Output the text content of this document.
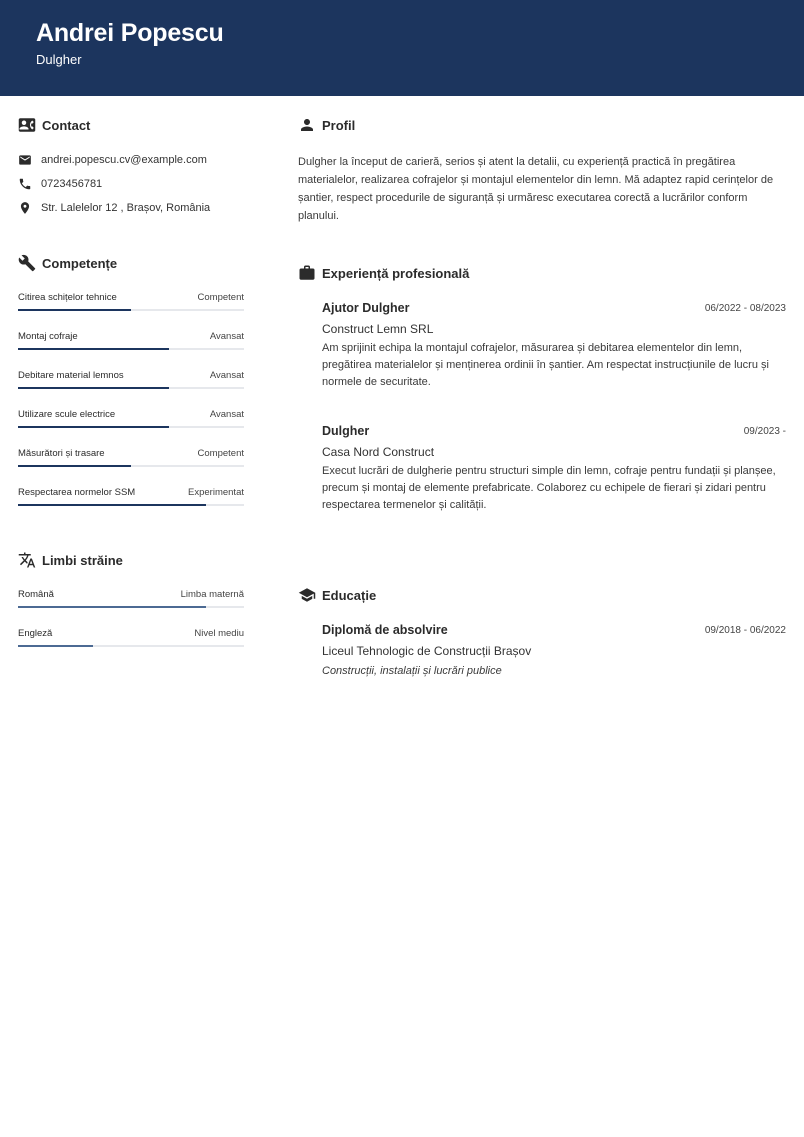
Andrei Popescu
Dulgher
Contact
andrei.popescu.cv@example.com
0723456781
Str. Lalelelor 12 , Brașov, România
Competențe
Citirea schițelor tehnice	Competent
Montaj cofraje	Avansat
Debitare material lemnos	Avansat
Utilizare scule electrice	Avansat
Măsurători și trasare	Competent
Respectarea normelor SSM	Experimentat
Limbi străine
Română	Limba maternă
Engleză	Nivel mediu
Profil
Dulgher la început de carieră, serios și atent la detalii, cu experiență practică în pregătirea materialelor, realizarea cofrajelor și montajul elementelor din lemn. Mă adaptez rapid cerințelor de șantier, respect procedurile de siguranță și urmăresc executarea corectă a lucrărilor conform planului.
Experiență profesională
Ajutor Dulgher	06/2022 - 08/2023
Construct Lemn SRL
Am sprijinit echipa la montajul cofrajelor, măsurarea și debitarea elementelor din lemn, pregătirea materialelor și menținerea ordinii în șantier. Am respectat instrucțiunile de lucru și normele de securitate.
Dulgher	09/2023 -
Casa Nord Construct
Execut lucrări de dulgherie pentru structuri simple din lemn, cofraje pentru fundații și planșee, precum și montaj de elemente prefabricate. Colaborez cu echipele de fierari și zidari pentru respectarea termenelor și calității.
Educație
Diplomă de absolvire	09/2018 - 06/2022
Liceul Tehnologic de Construcții Brașov
Construcții, instalații și lucrări publice
